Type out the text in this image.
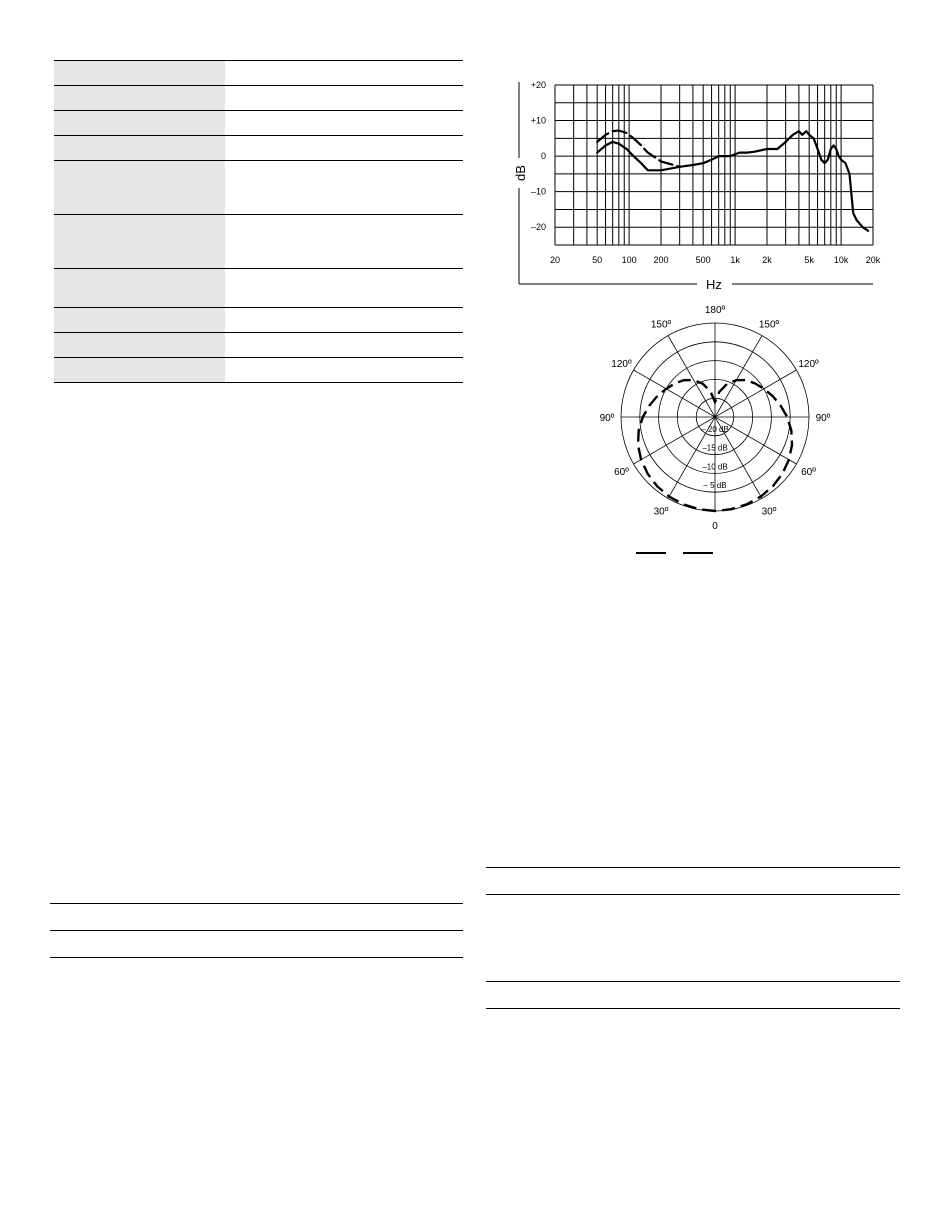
dB
Hz
20	50 100 200	500 1k 2k	5k 10k 20k
+20
+10
0
–10
–20
0
30º
60º
90º
120º
150º
180º
150º
120º
90º
60º
30º
– 5 dB
–10 dB
–15 dB
– 20 dB
